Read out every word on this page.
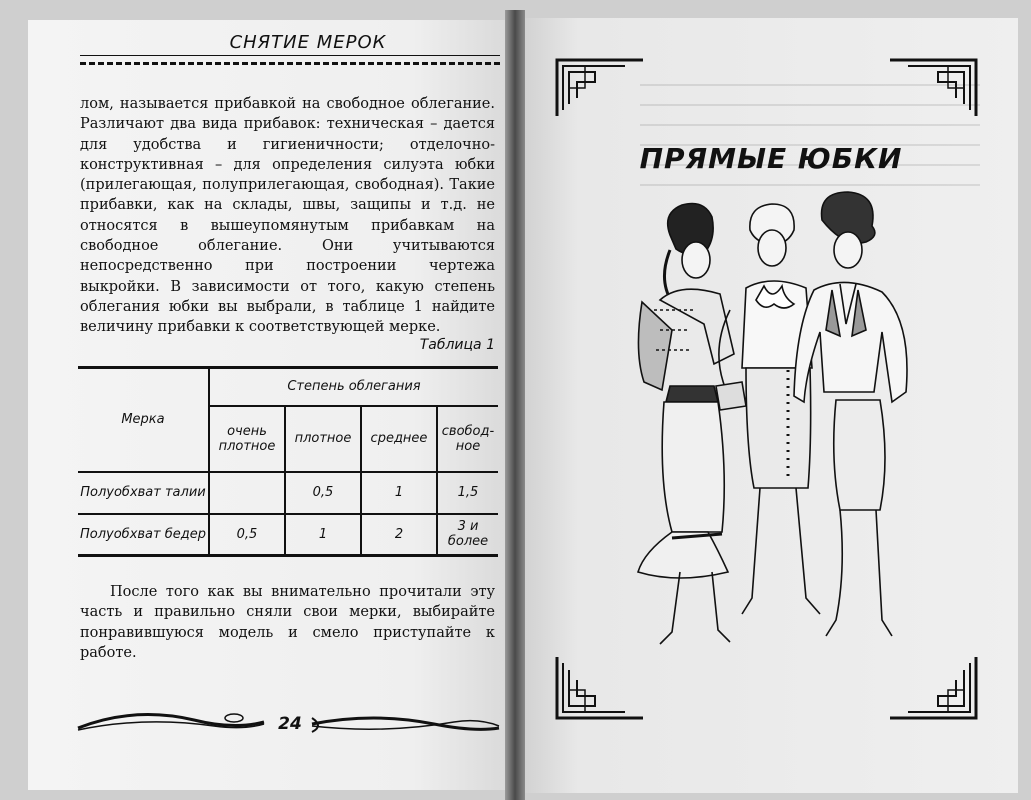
СНЯТИЕ МЕРОК

лом, называется прибавкой на свободное облегание. Различают два вида прибавок: техническая – дается для удобства и гигиеничности; отделочно-конструктивная – для определения силуэта юбки (прилегающая, полуприлегающая, свободная). Такие прибавки, как на склады, швы, защипы и т.д. не относятся в вышеупомянутым прибавкам на свободное облегание. Они учитываются непосредственно при построении чертежа выкройки. В зависимости от того, какую степень облегания юбки вы выбрали, в таблице 1 найдите величину прибавки к соответствующей мерке.

Таблица 1
Мерка	Степень облегания			
	очень плотное	плотное	среднее	свобод-ное
Полуобхват талии		0,5	1	1,5
Полуобхват бедер	0,5	1	2	3 и более

После того как вы внимательно прочитали эту часть и правильно сняли свои мерки, выбирайте понравившуюся модель и смело приступайте к работе.

24
ПРЯМЫЕ ЮБКИ
